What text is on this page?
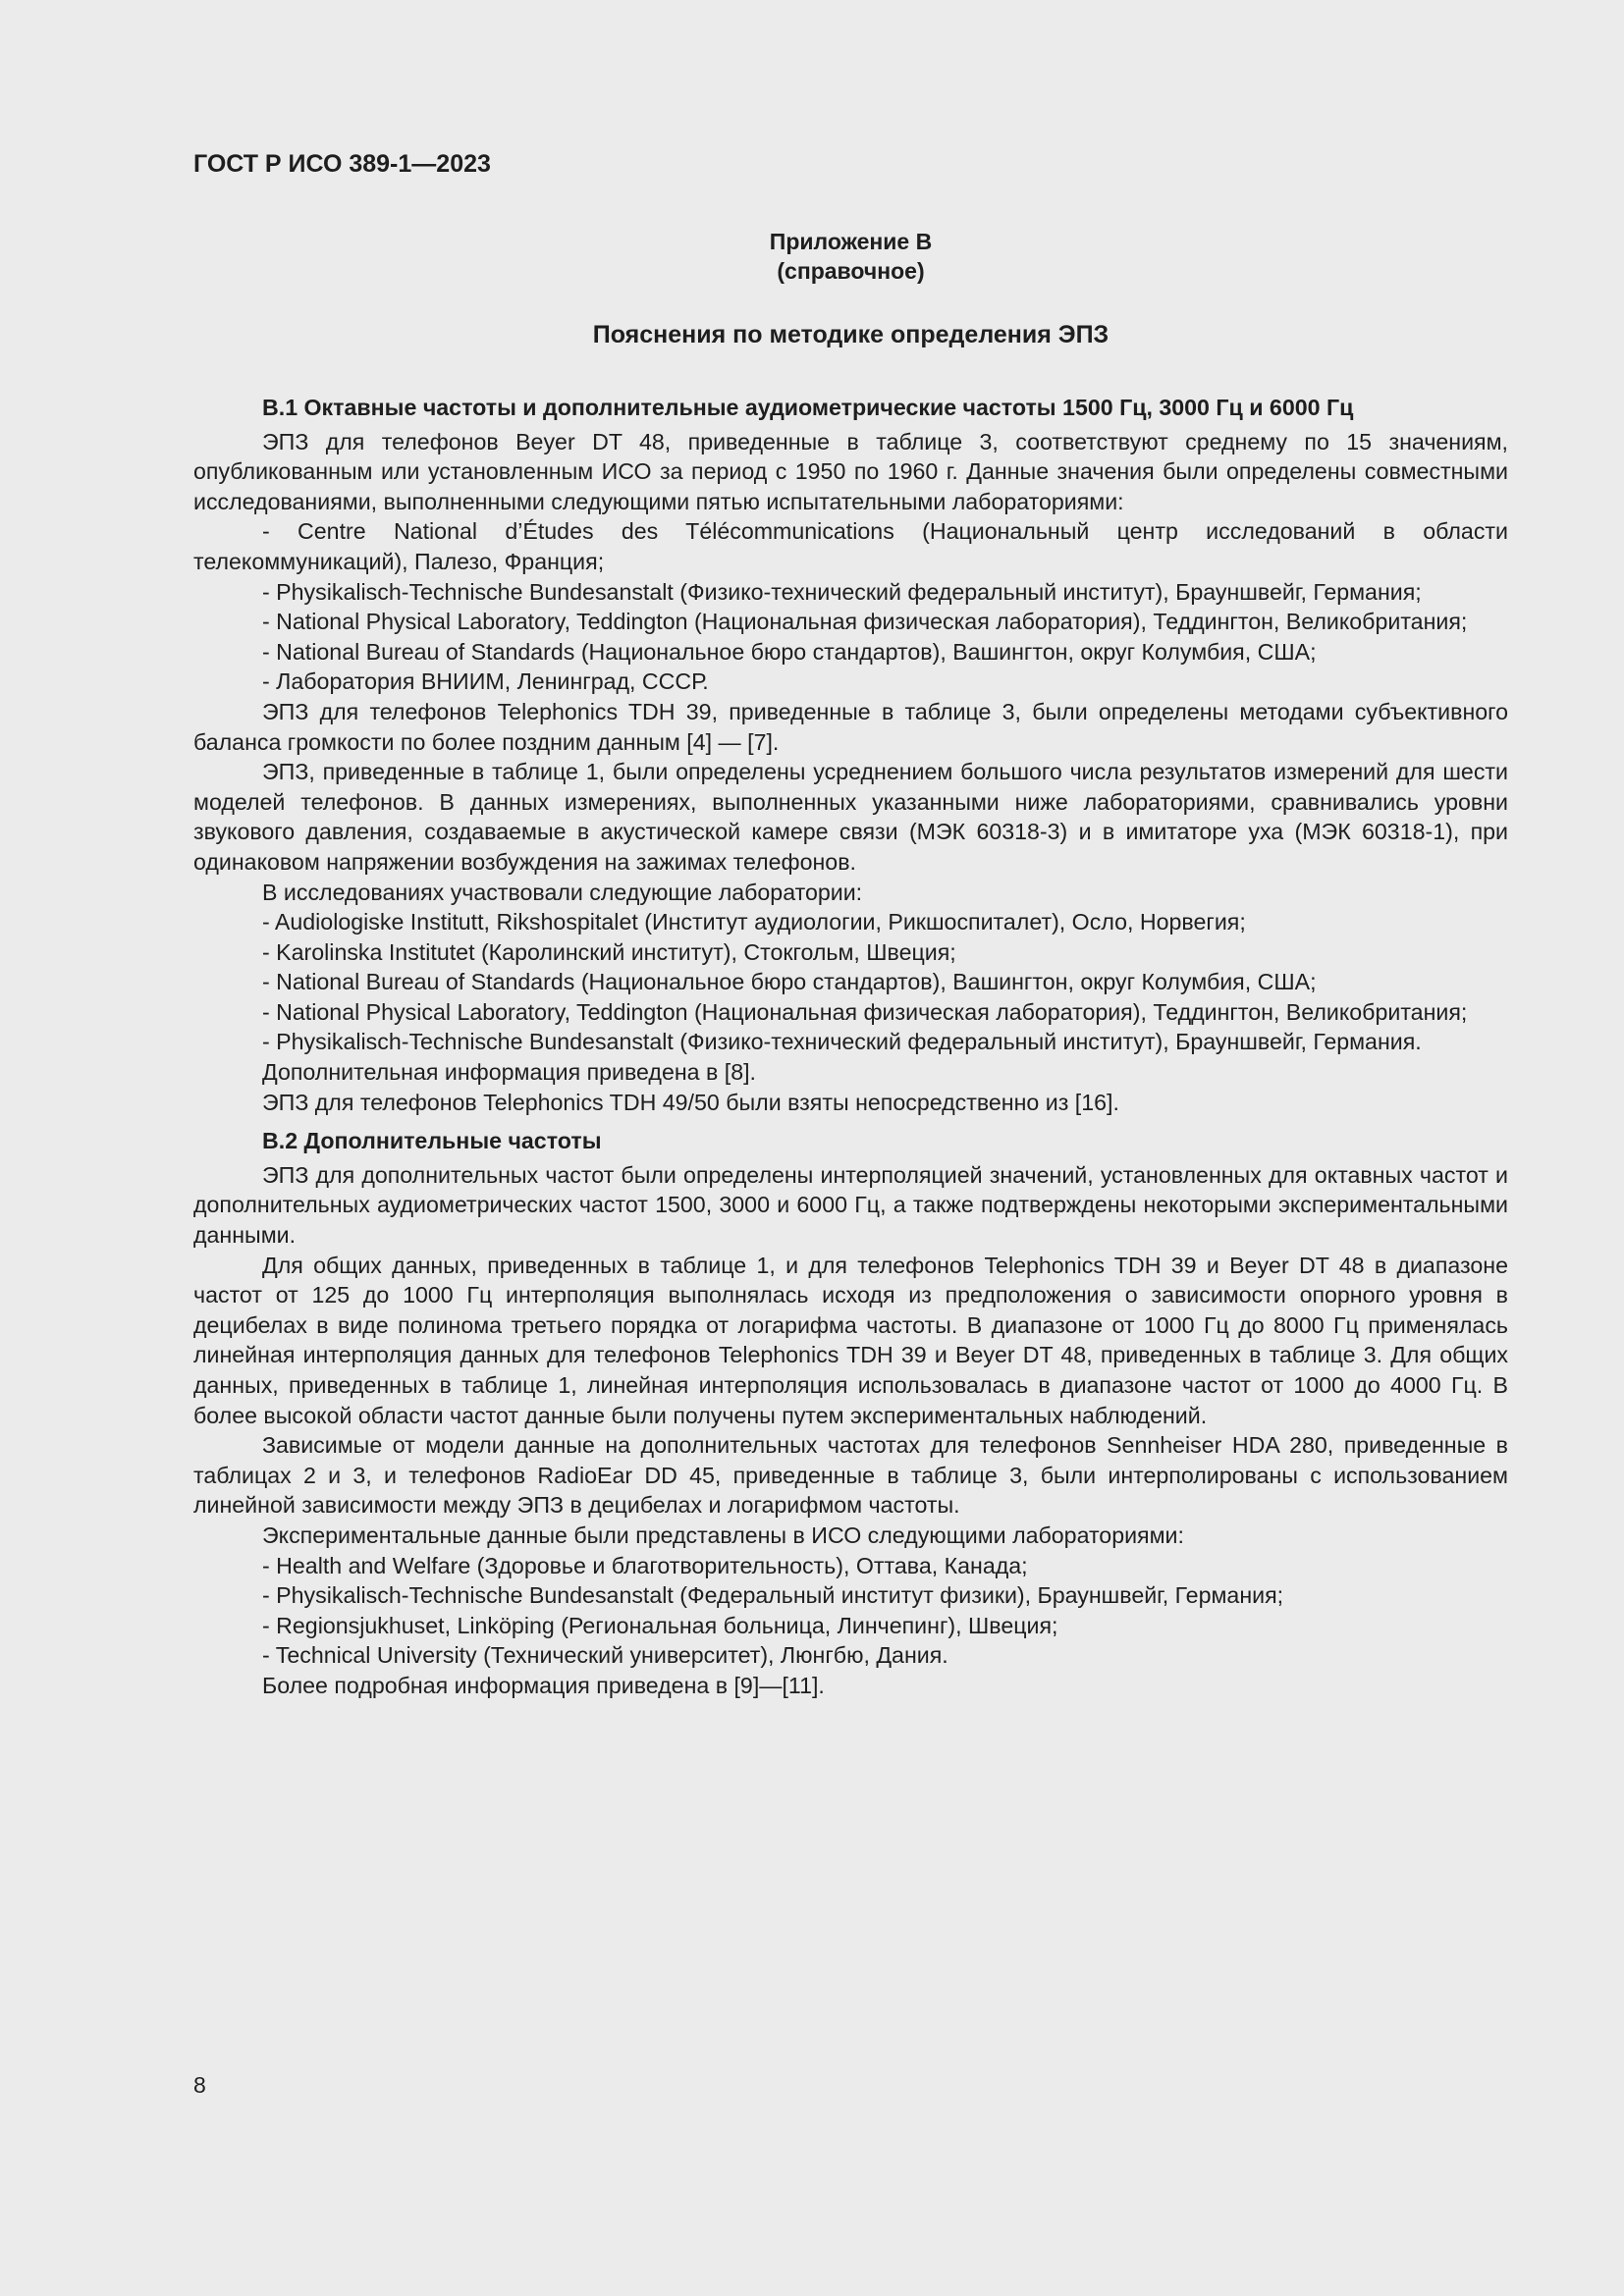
ГОСТ Р ИСО 389-1—2023
Приложение В
(справочное)
Пояснения по методике определения ЭПЗ
В.1 Октавные частоты и дополнительные аудиометрические частоты 1500 Гц, 3000 Гц и 6000 Гц

ЭПЗ для телефонов Beyer DT 48, приведенные в таблице 3, соответствуют среднему по 15 значениям, опубликованным или установленным ИСО за период с 1950 по 1960 г. Данные значения были определены совместными исследованиями, выполненными следующими пятью испытательными лабораториями:

- Centre National d’Études des Télécommunications (Национальный центр исследований в области телекоммуникаций), Палезо, Франция;

- Physikalisch-Technische Bundesanstalt (Физико-технический федеральный институт), Брауншвейг, Германия;

- National Physical Laboratory, Teddington (Национальная физическая лаборатория), Теддингтон, Великобритания;

- National Bureau of Standards (Национальное бюро стандартов), Вашингтон, округ Колумбия, США;

- Лаборатория ВНИИМ, Ленинград, СССР.

ЭПЗ для телефонов Telephonics TDH 39, приведенные в таблице 3, были определены методами субъективного баланса громкости по более поздним данным [4] — [7].

ЭПЗ, приведенные в таблице 1, были определены усреднением большого числа результатов измерений для шести моделей телефонов. В данных измерениях, выполненных указанными ниже лабораториями, сравнивались уровни звукового давления, создаваемые в акустической камере связи (МЭК 60318-3) и в имитаторе уха (МЭК 60318-1), при одинаковом напряжении возбуждения на зажимах телефонов.

В исследованиях участвовали следующие лаборатории:

- Audiologiske Institutt, Rikshospitalet (Институт аудиологии, Рикшоспиталет), Осло, Норвегия;

- Karolinska Institutet (Каролинский институт), Стокгольм, Швеция;

- National Bureau of Standards (Национальное бюро стандартов), Вашингтон, округ Колумбия, США;

- National Physical Laboratory, Teddington (Национальная физическая лаборатория), Теддингтон, Великобритания;

- Physikalisch-Technische Bundesanstalt (Физико-технический федеральный институт), Брауншвейг, Германия.

Дополнительная информация приведена в [8].

ЭПЗ для телефонов Telephonics TDH 49/50 были взяты непосредственно из [16].

В.2 Дополнительные частоты

ЭПЗ для дополнительных частот были определены интерполяцией значений, установленных для октавных частот и дополнительных аудиометрических частот 1500, 3000 и 6000 Гц, а также подтверждены некоторыми экспериментальными данными.

Для общих данных, приведенных в таблице 1, и для телефонов Telephonics TDH 39 и Beyer DT 48 в диапазоне частот от 125 до 1000 Гц интерполяция выполнялась исходя из предположения о зависимости опорного уровня в децибелах в виде полинома третьего порядка от логарифма частоты. В диапазоне от 1000 Гц до 8000 Гц применялась линейная интерполяция данных для телефонов Telephonics TDH 39 и Beyer DT 48, приведенных в таблице 3. Для общих данных, приведенных в таблице 1, линейная интерполяция использовалась в диапазоне частот от 1000 до 4000 Гц. В более высокой области частот данные были получены путем экспериментальных наблюдений.

Зависимые от модели данные на дополнительных частотах для телефонов Sennheiser HDA 280, приведенные в таблицах 2 и 3, и телефонов RadioEar DD 45, приведенные в таблице 3, были интерполированы с использованием линейной зависимости между ЭПЗ в децибелах и логарифмом частоты.

Экспериментальные данные были представлены в ИСО следующими лабораториями:

- Health and Welfare (Здоровье и благотворительность), Оттава, Канада;

- Physikalisch-Technische Bundesanstalt (Федеральный институт физики), Брауншвейг, Германия;

- Regionsjukhuset, Linköping (Региональная больница, Линчепинг), Швеция;

- Technical University (Технический университет), Люнгбю, Дания.

Более подробная информация приведена в [9]—[11].

8
